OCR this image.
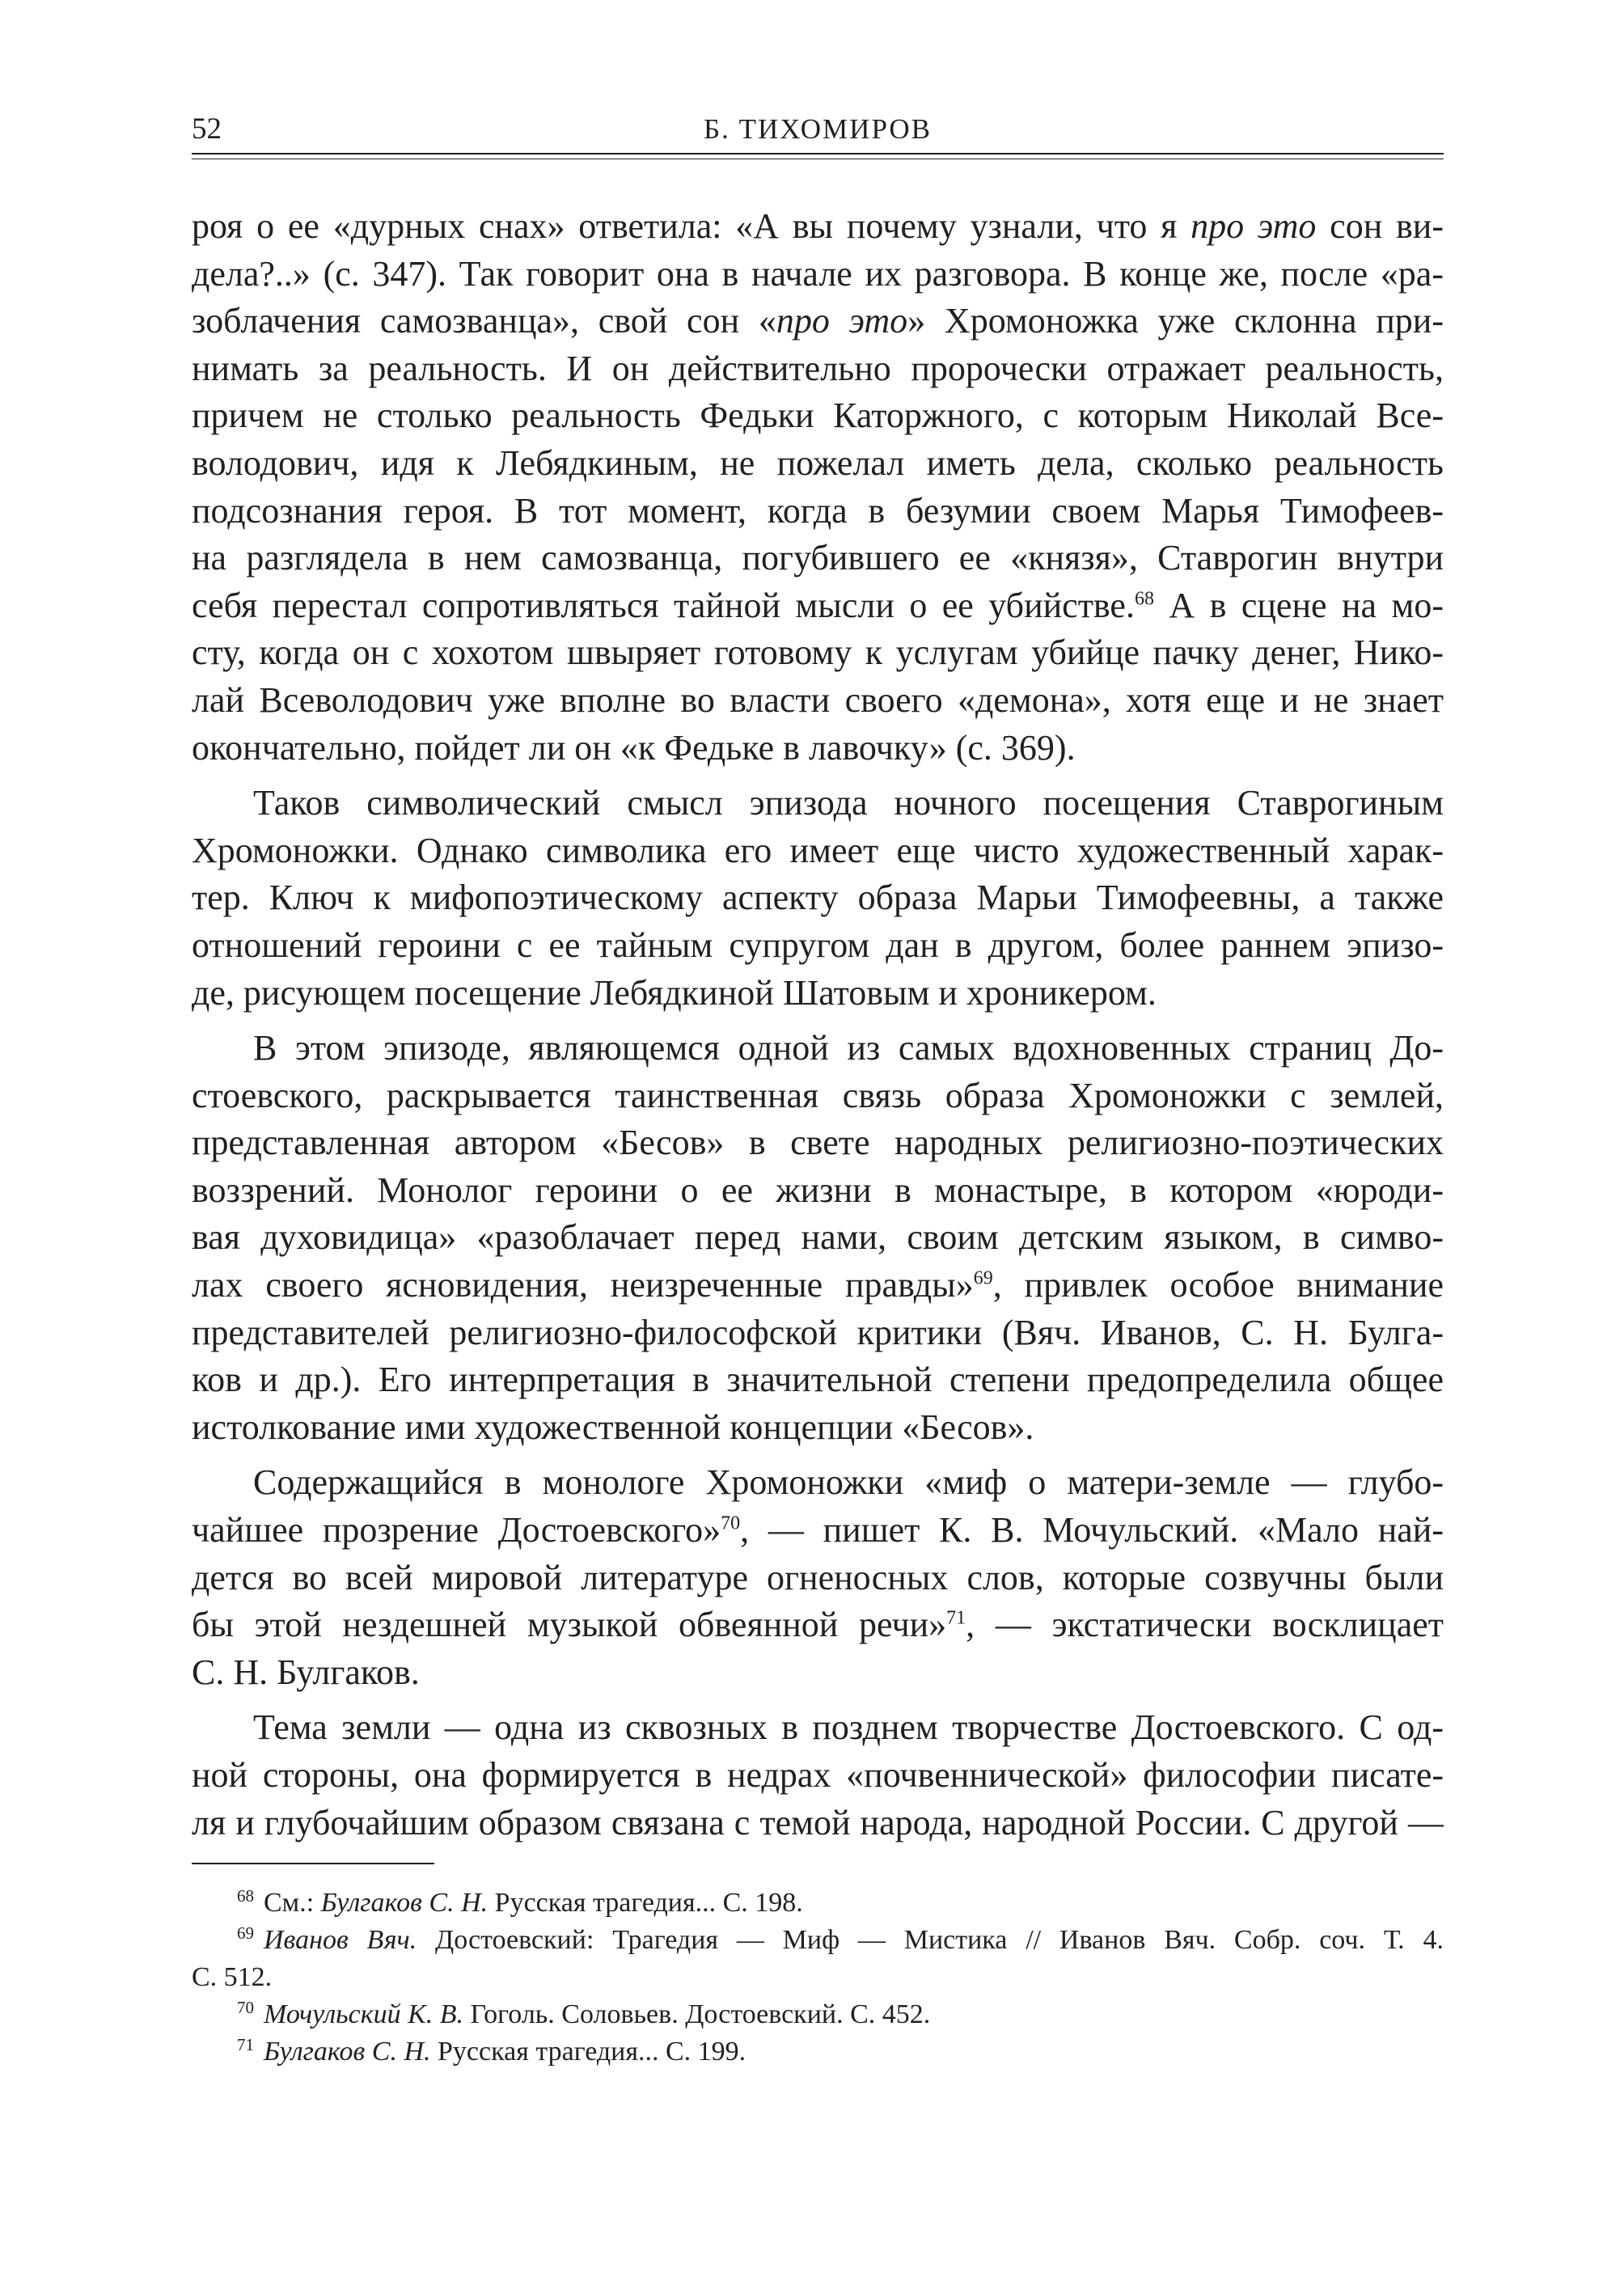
52	Б. ТИХОМИРОВ
роя о ее «дурных снах» ответила: «А вы почему узнали, что я про это сон ви-
дела?..» (с. 347). Так говорит она в начале их разговора. В конце же, после «ра-
зоблачения самозванца», свой сон «про это» Хромоножка уже склонна при-
нимать за реальность. И он действительно пророчески отражает реальность,
причем не столько реальность Федьки Каторжного, с которым Николай Все-
володович, идя к Лебядкиным, не пожелал иметь дела, сколько реальность
подсознания героя. В тот момент, когда в безумии своем Марья Тимофеев-
на разглядела в нем самозванца, погубившего ее «князя», Ставрогин внутри
себя перестал сопротивляться тайной мысли о ее убийстве.$^{68}$ А в сцене на мо-
сту, когда он с хохотом швыряет готовому к услугам убийце пачку денег, Нико-
лай Всеволодович уже вполне во власти своего «демона», хотя еще и не знает
окончательно, пойдет ли он «к Федьке в лавочку» (с. 369).
Таков символический смысл эпизода ночного посещения Ставрогиным
Хромоножки. Однако символика его имеет еще чисто художественный харак-
тер. Ключ к мифопоэтическому аспекту образа Марьи Тимофеевны, а также
отношений героини с ее тайным супругом дан в другом, более раннем эпизо-
де, рисующем посещение Лебядкиной Шатовым и хроникером.
В этом эпизоде, являющемся одной из самых вдохновенных страниц До-
стоевского, раскрывается таинственная связь образа Хромоножки с землей,
представленная автором «Бесов» в свете народных религиозно-поэтических
воззрений. Монолог героини о ее жизни в монастыре, в котором «юроди-
вая духовидица» «разоблачает перед нами, своим детским языком, в симво-
лах своего ясновидения, неизреченные правды»$^{69}$, привлек особое внимание
представителей религиозно-философской критики (Вяч. Иванов, С. Н. Булга-
ков и др.). Его интерпретация в значительной степени предопределила общее
истолкование ими художественной концепции «Бесов».
Содержащийся в монологе Хромоножки «миф о матери-земле — глубо-
чайшее прозрение Достоевского»$^{70}$, — пишет К. В. Мочульский. «Мало най-
дется во всей мировой литературе огненосных слов, которые созвучны были
бы этой нездешней музыкой обвеянной речи»$^{71}$, — экстатически восклицает
С. Н. Булгаков.
Тема земли — одна из сквозных в позднем творчестве Достоевского. С од-
ной стороны, она формируется в недрах «почвеннической» философии писате-
ля и глубочайшим образом связана с темой народа, народной России. С другой —
$^{68}$ См.: Булгаков С. Н. Русская трагедия... С. 198.
$^{69}$ Иванов Вяч. Достоевский: Трагедия — Миф — Мистика // Иванов Вяч. Собр. соч. Т. 4.
С. 512.
$^{70}$ Мочульский К. В. Гоголь. Соловьев. Достоевский. С. 452.
$^{71}$ Булгаков С. Н. Русская трагедия... С. 199.
